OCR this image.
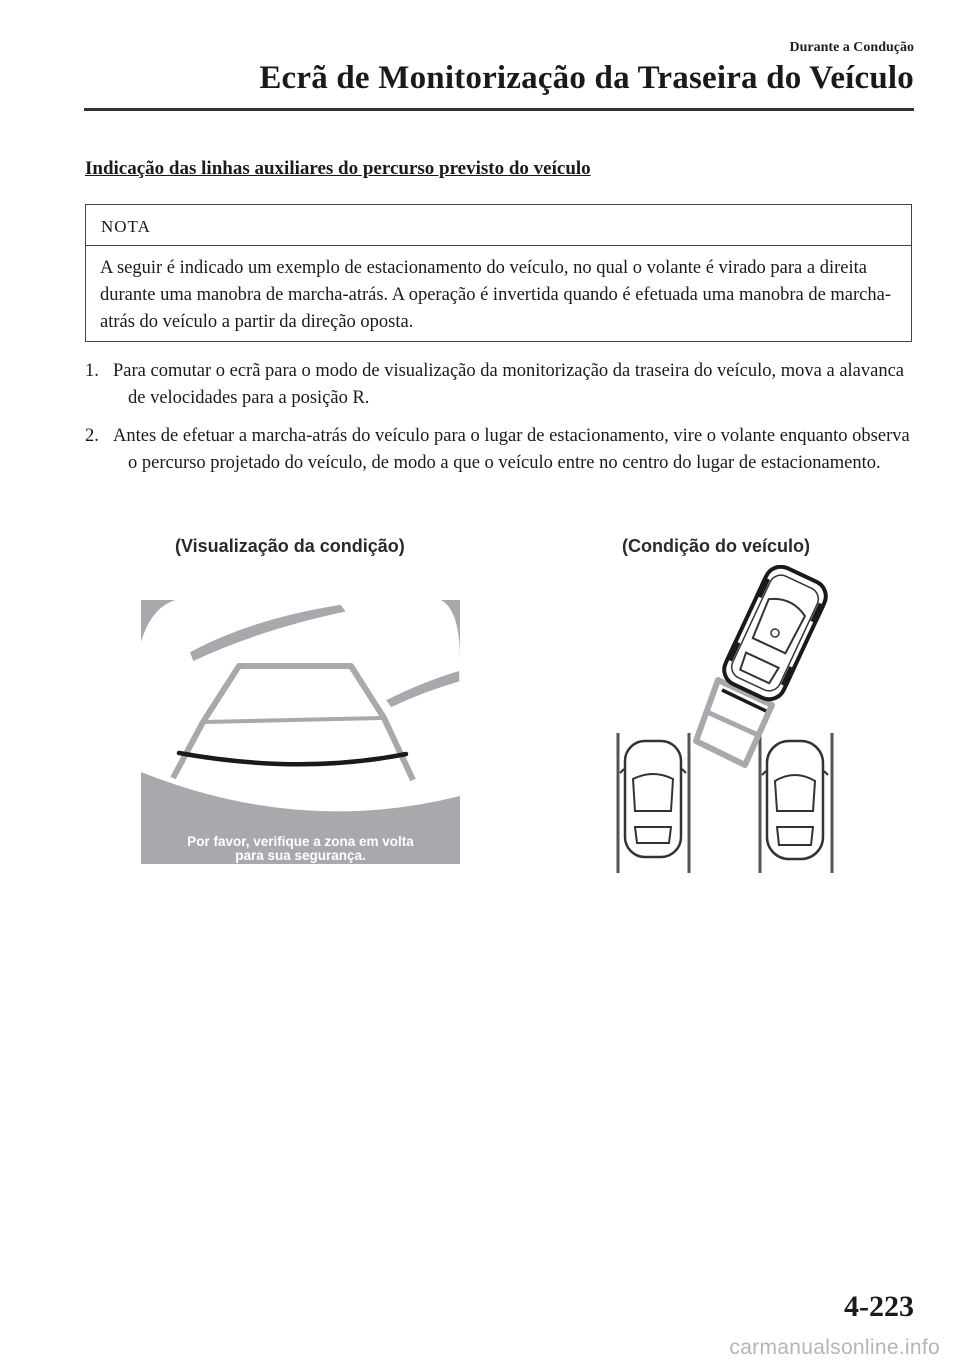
Durante a Condução
Ecrã de Monitorização da Traseira do Veículo
Indicação das linhas auxiliares do percurso previsto do veículo
NOTA
A seguir é indicado um exemplo de estacionamento do veículo, no qual o volante é virado para a direita durante uma manobra de marcha-atrás. A operação é invertida quando é efetuada uma manobra de marcha-atrás do veículo a partir da direção oposta.
1. Para comutar o ecrã para o modo de visualização da monitorização da traseira do veículo, mova a alavanca de velocidades para a posição R.
2. Antes de efetuar a marcha-atrás do veículo para o lugar de estacionamento, vire o volante enquanto observa o percurso projetado do veículo, de modo a que o veículo entre no centro do lugar de estacionamento.
(Visualização da condição)	(Condição do veículo)
Por favor, verifique a zona em volta
para sua segurança.
4-223
carmanualsonline.info
